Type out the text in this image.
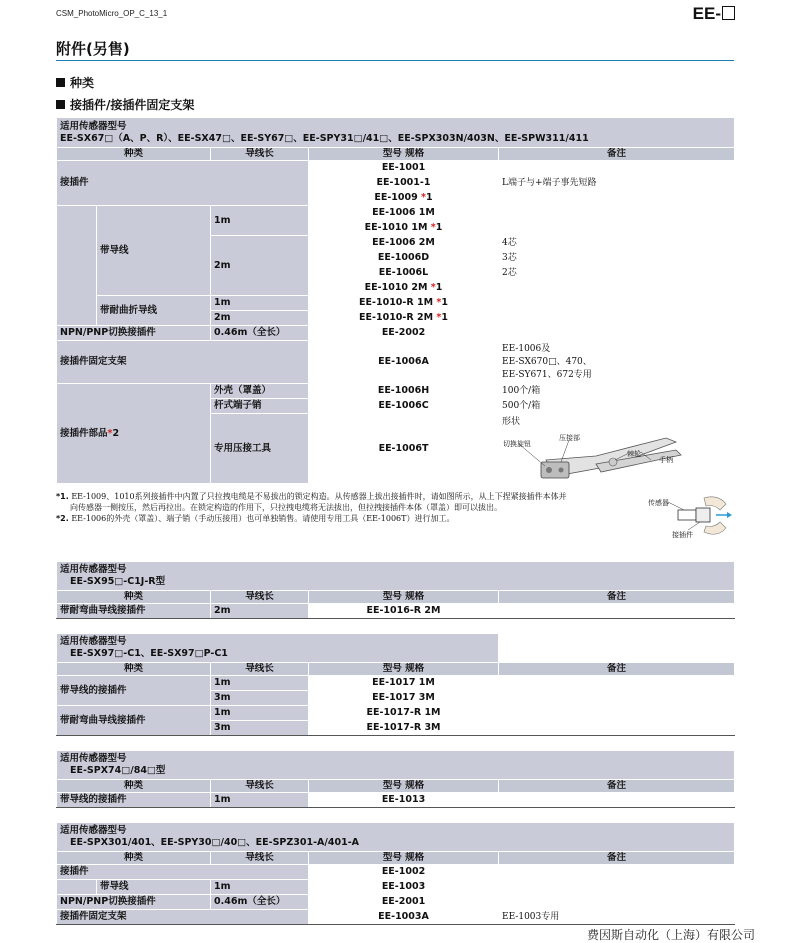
CSM_PhotoMicro_OP_C_13_1	EE-
附件(另售)
种类
接插件/接插件固定支架
适用传感器型号
EE-SX67□（A、P、R）、EE-SX47□、EE-SY67□、EE-SPY31□/41□、EE-SPX303N/403N、EE-SPW311/411				

种类		导线长	型号 规格	备注
接插件			EE-1001	
			EE-1001-1	L端子与+端子事先短路
			EE-1009 *1	
	带导线	1m	EE-1006 1M	
			EE-1010 1M *1	
		2m	EE-1006 2M	4芯
			EE-1006D	3芯
			EE-1006L	2芯
			EE-1010 2M *1	
	带耐曲折导线	1m	EE-1010-R 1M *1	
		2m	EE-1010-R 2M *1	
NPN/PNP切换接插件		0.46m（全长）	EE-2002	
接插件固定支架			EE-1006A	EE-1006及
EE-SX670□、470、
EE-SY671、672专用

接插件部品*2		外壳（罩盖）	EE-1006H	100个/箱
		杆式端子销	EE-1006C	500个/箱
		专用压接工具	EE-1006T	形状
切换旋钮
压接部
棘轮
手柄
*1. EE-1009、1010系列接插件中内置了只拉拽电缆是不易拔出的锁定构造。从传感器上拔出接插件时，请如图所示，从上下捏紧接插件本体并
向传感器一侧按压，然后再拉出。在锁定构造的作用下，只拉拽电缆将无法拔出，但拉拽接插件本体（罩盖）即可以拔出。
*2. EE-1006的外壳（罩盖）、端子销（手动压接用）也可单独销售。请使用专用工具（EE-1006T）进行加工。
传感器
接插件
适用传感器型号
EE-SX95□-C1J-R型			

种类	导线长	型号 规格	备注
带耐弯曲导线接插件	2m	EE-1016-R 2M	
适用传感器型号
EE-SX97□-C1、EE-SX97□P-C1			

种类	导线长	型号 规格	备注
带导线的接插件	1m	EE-1017 1M	
	3m	EE-1017 3M	
带耐弯曲导线接插件	1m	EE-1017-R 1M	
	3m	EE-1017-R 3M	
适用传感器型号
EE-SPX74□/84□型			

种类	导线长	型号 规格	备注
带导线的接插件	1m	EE-1013	
适用传感器型号
EE-SPX301/401、EE-SPY30□/40□、EE-SPZ301-A/401-A				

种类		导线长	型号 规格	备注
接插件			EE-1002	
	带导线	1m	EE-1003	
NPN/PNP切换接插件		0.46m（全长）	EE-2001	
接插件固定支架			EE-1003A	EE-1003专用
费因斯自动化（上海）有限公司
